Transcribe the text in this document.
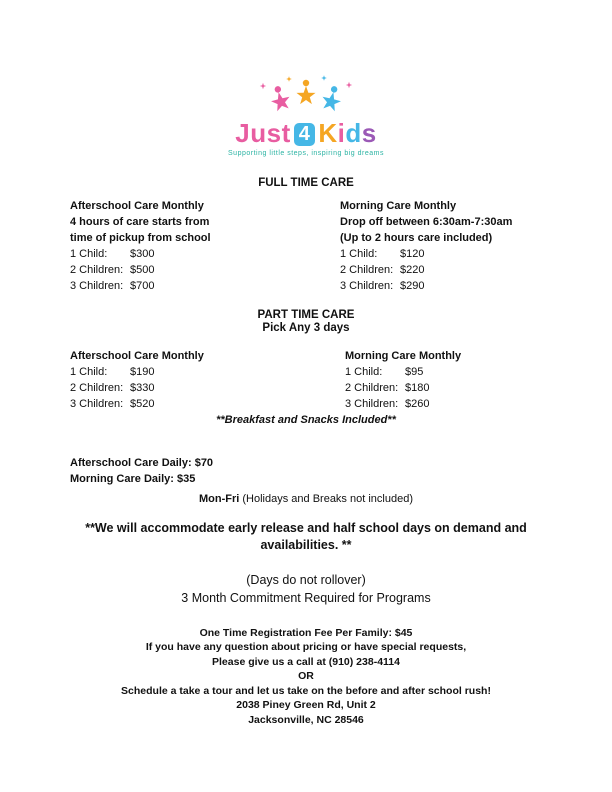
Just 4 Kids
Supporting little steps, inspiring big dreams
FULL TIME CARE
Afterschool Care Monthly
4 hours of care starts from
time of pickup from school
1 Child: $300
2 Children: $500
3 Children: $700
Morning Care Monthly
Drop off between 6:30am-7:30am
(Up to 2 hours care included)
1 Child: $120
2 Children: $220
3 Children: $290
PART TIME CARE
Pick Any 3 days
Afterschool Care Monthly
1 Child: $190
2 Children: $330
3 Children: $520
Morning Care Monthly
1 Child: $95
2 Children: $180
3 Children: $260
**Breakfast and Snacks Included**
Afterschool Care Daily: $70
Morning Care Daily: $35
Mon-Fri (Holidays and Breaks not included)
**We will accommodate early release and half school days on demand and availabilities. **
(Days do not rollover)
3 Month Commitment Required for Programs
One Time Registration Fee Per Family: $45
If you have any question about pricing or have special requests,
Please give us a call at (910) 238-4114
OR
Schedule a take a tour and let us take on the before and after school rush!
2038 Piney Green Rd, Unit 2
Jacksonville, NC 28546
